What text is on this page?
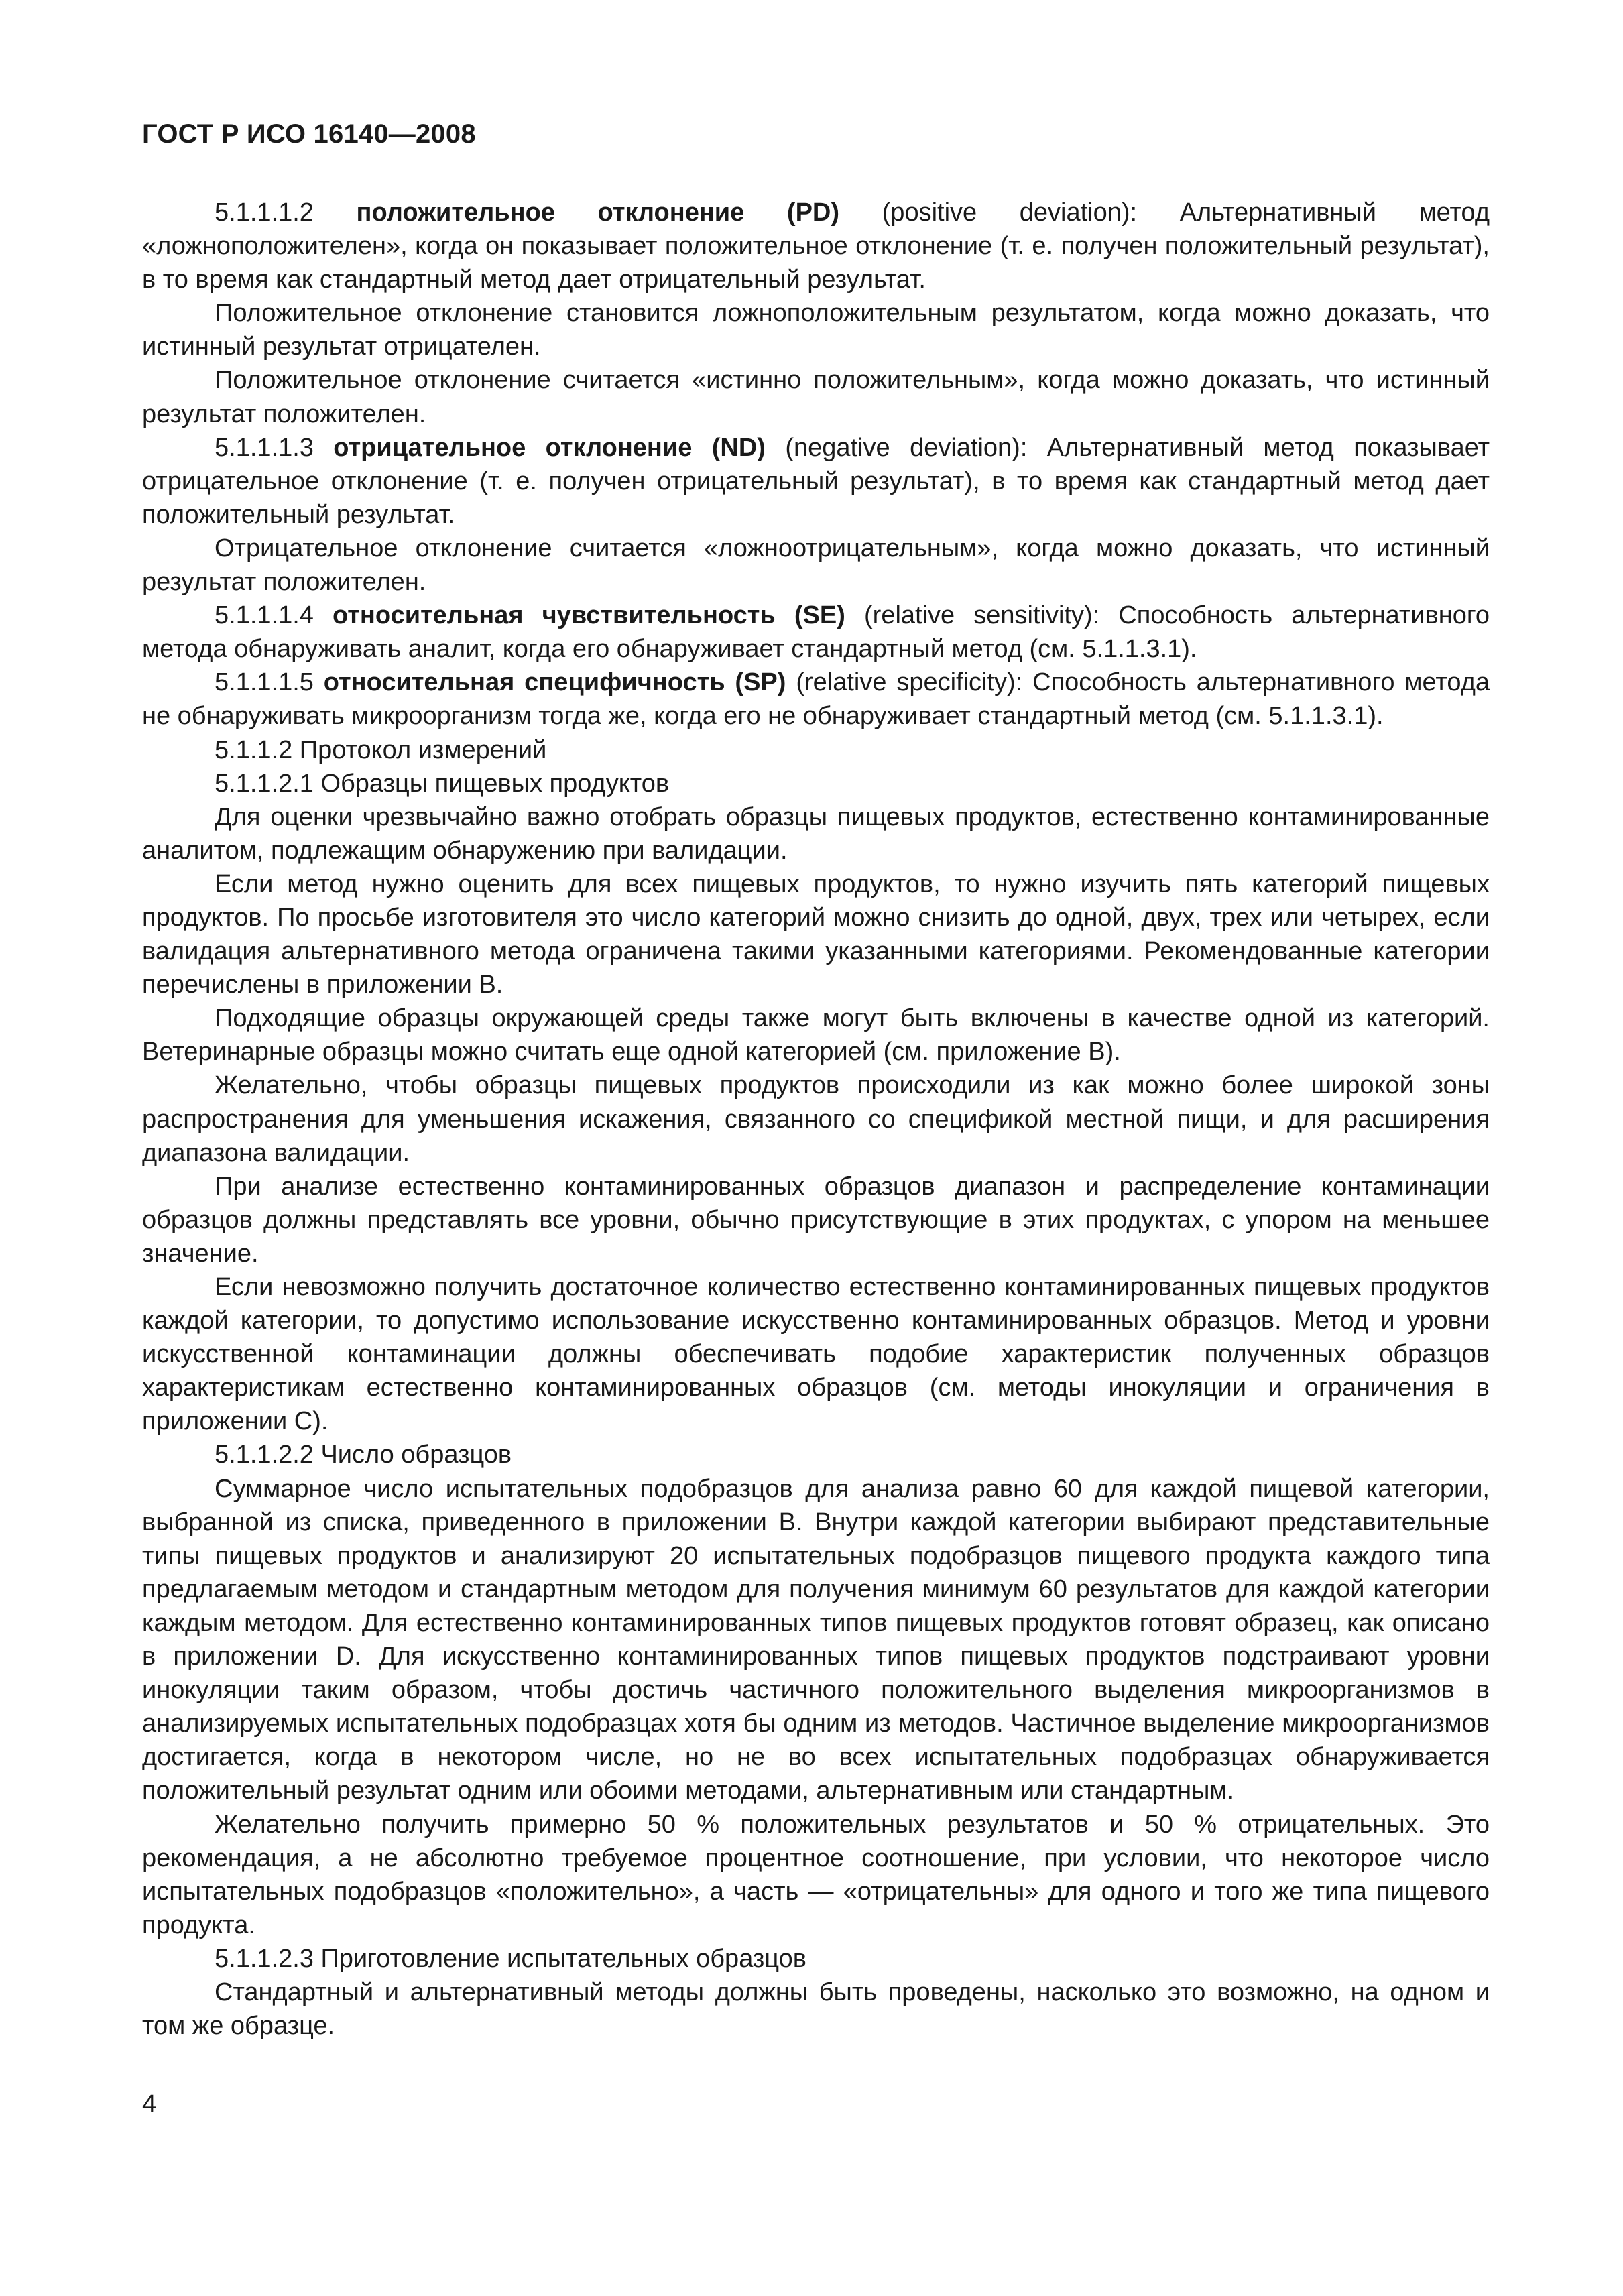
ГОСТ Р ИСО 16140—2008

5.1.1.1.2 положительное отклонение (PD) (positive deviation): Альтернативный метод «ложноположителен», когда он показывает положительное отклонение (т. е. получен положительный результат), в то время как стандартный метод дает отрицательный результат.

Положительное отклонение становится ложноположительным результатом, когда можно доказать, что истинный результат отрицателен.

Положительное отклонение считается «истинно положительным», когда можно доказать, что истинный результат положителен.

5.1.1.1.3 отрицательное отклонение (ND) (negative deviation): Альтернативный метод показывает отрицательное отклонение (т. е. получен отрицательный результат), в то время как стандартный метод дает положительный результат.

Отрицательное отклонение считается «ложноотрицательным», когда можно доказать, что истинный результат положителен.

5.1.1.1.4 относительная чувствительность (SE) (relative sensitivity): Способность альтернативного метода обнаруживать аналит, когда его обнаруживает стандартный метод (см. 5.1.1.3.1).

5.1.1.1.5 относительная специфичность (SP) (relative specificity): Способность альтернативного метода не обнаруживать микроорганизм тогда же, когда его не обнаруживает стандартный метод (см. 5.1.1.3.1).

5.1.1.2 Протокол измерений

5.1.1.2.1 Образцы пищевых продуктов

Для оценки чрезвычайно важно отобрать образцы пищевых продуктов, естественно контаминированные аналитом, подлежащим обнаружению при валидации.

Если метод нужно оценить для всех пищевых продуктов, то нужно изучить пять категорий пищевых продуктов. По просьбе изготовителя это число категорий можно снизить до одной, двух, трех или четырех, если валидация альтернативного метода ограничена такими указанными категориями. Рекомендованные категории перечислены в приложении В.

Подходящие образцы окружающей среды также могут быть включены в качестве одной из категорий. Ветеринарные образцы можно считать еще одной категорией (см. приложение В).

Желательно, чтобы образцы пищевых продуктов происходили из как можно более широкой зоны распространения для уменьшения искажения, связанного со спецификой местной пищи, и для расширения диапазона валидации.

При анализе естественно контаминированных образцов диапазон и распределение контаминации образцов должны представлять все уровни, обычно присутствующие в этих продуктах, с упором на меньшее значение.

Если невозможно получить достаточное количество естественно контаминированных пищевых продуктов каждой категории, то допустимо использование искусственно контаминированных образцов. Метод и уровни искусственной контаминации должны обеспечивать подобие характеристик полученных образцов характеристикам естественно контаминированных образцов (см. методы инокуляции и ограничения в приложении С).

5.1.1.2.2 Число образцов

Суммарное число испытательных подобразцов для анализа равно 60 для каждой пищевой категории, выбранной из списка, приведенного в приложении В. Внутри каждой категории выбирают представительные типы пищевых продуктов и анализируют 20 испытательных подобразцов пищевого продукта каждого типа предлагаемым методом и стандартным методом для получения минимум 60 результатов для каждой категории каждым методом. Для естественно контаминированных типов пищевых продуктов готовят образец, как описано в приложении D. Для искусственно контаминированных типов пищевых продуктов подстраивают уровни инокуляции таким образом, чтобы достичь частичного положительного выделения микроорганизмов в анализируемых испытательных подобразцах хотя бы одним из методов. Частичное выделение микроорганизмов достигается, когда в некотором числе, но не во всех испытательных подобразцах обнаруживается положительный результат одним или обоими методами, альтернативным или стандартным.

Желательно получить примерно 50 % положительных результатов и 50 % отрицательных. Это рекомендация, а не абсолютно требуемое процентное соотношение, при условии, что некоторое число испытательных подобразцов «положительно», а часть — «отрицательны» для одного и того же типа пищевого продукта.

5.1.1.2.3 Приготовление испытательных образцов

Стандартный и альтернативный методы должны быть проведены, насколько это возможно, на одном и том же образце.

4
